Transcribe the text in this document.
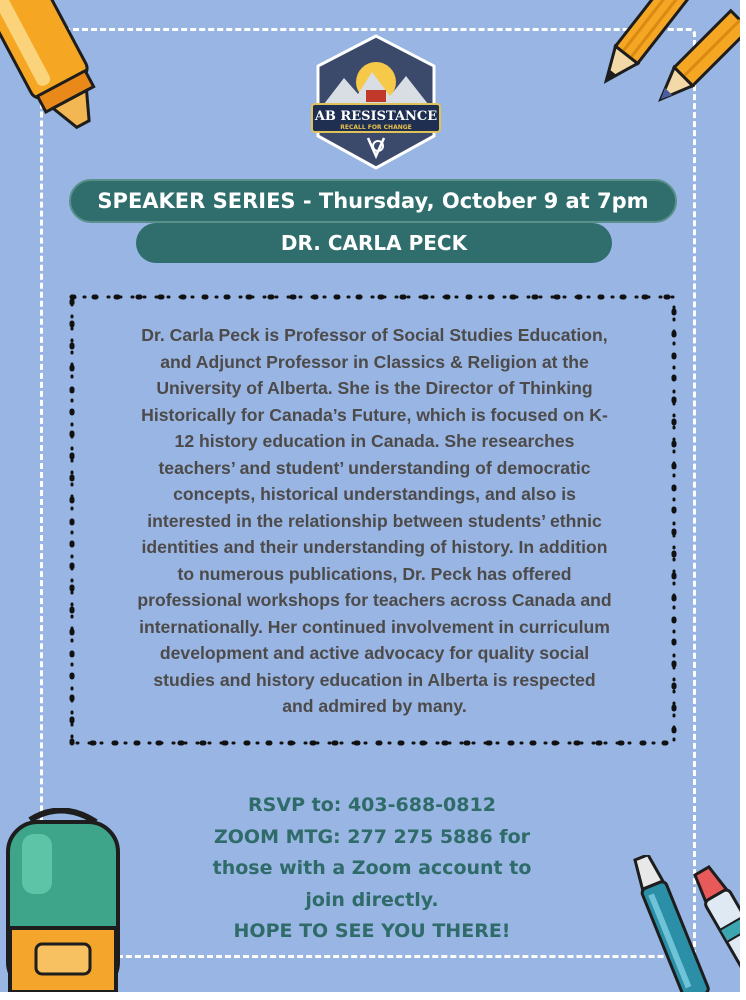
AB RESISTANCE
RECALL FOR CHANGE
SPEAKER SERIES - Thursday, October 9 at 7pm
DR. CARLA PECK
Dr. Carla Peck is Professor of Social Studies Education,
and Adjunct Professor in Classics & Religion at the
University of Alberta. She is the Director of Thinking
Historically for Canada’s Future, which is focused on K-
12 history education in Canada. She researches
teachers’ and student’ understanding of democratic
concepts, historical understandings, and also is
interested in the relationship between students’ ethnic
identities and their understanding of history. In addition
to numerous publications, Dr. Peck has offered
professional workshops for teachers across Canada and
internationally. Her continued involvement in curriculum
development and active advocacy for quality social
studies and history education in Alberta is respected
and admired by many.
RSVP to: 403-688-0812
ZOOM MTG: 277 275 5886 for
those with a Zoom account to
join directly.
HOPE TO SEE YOU THERE!
